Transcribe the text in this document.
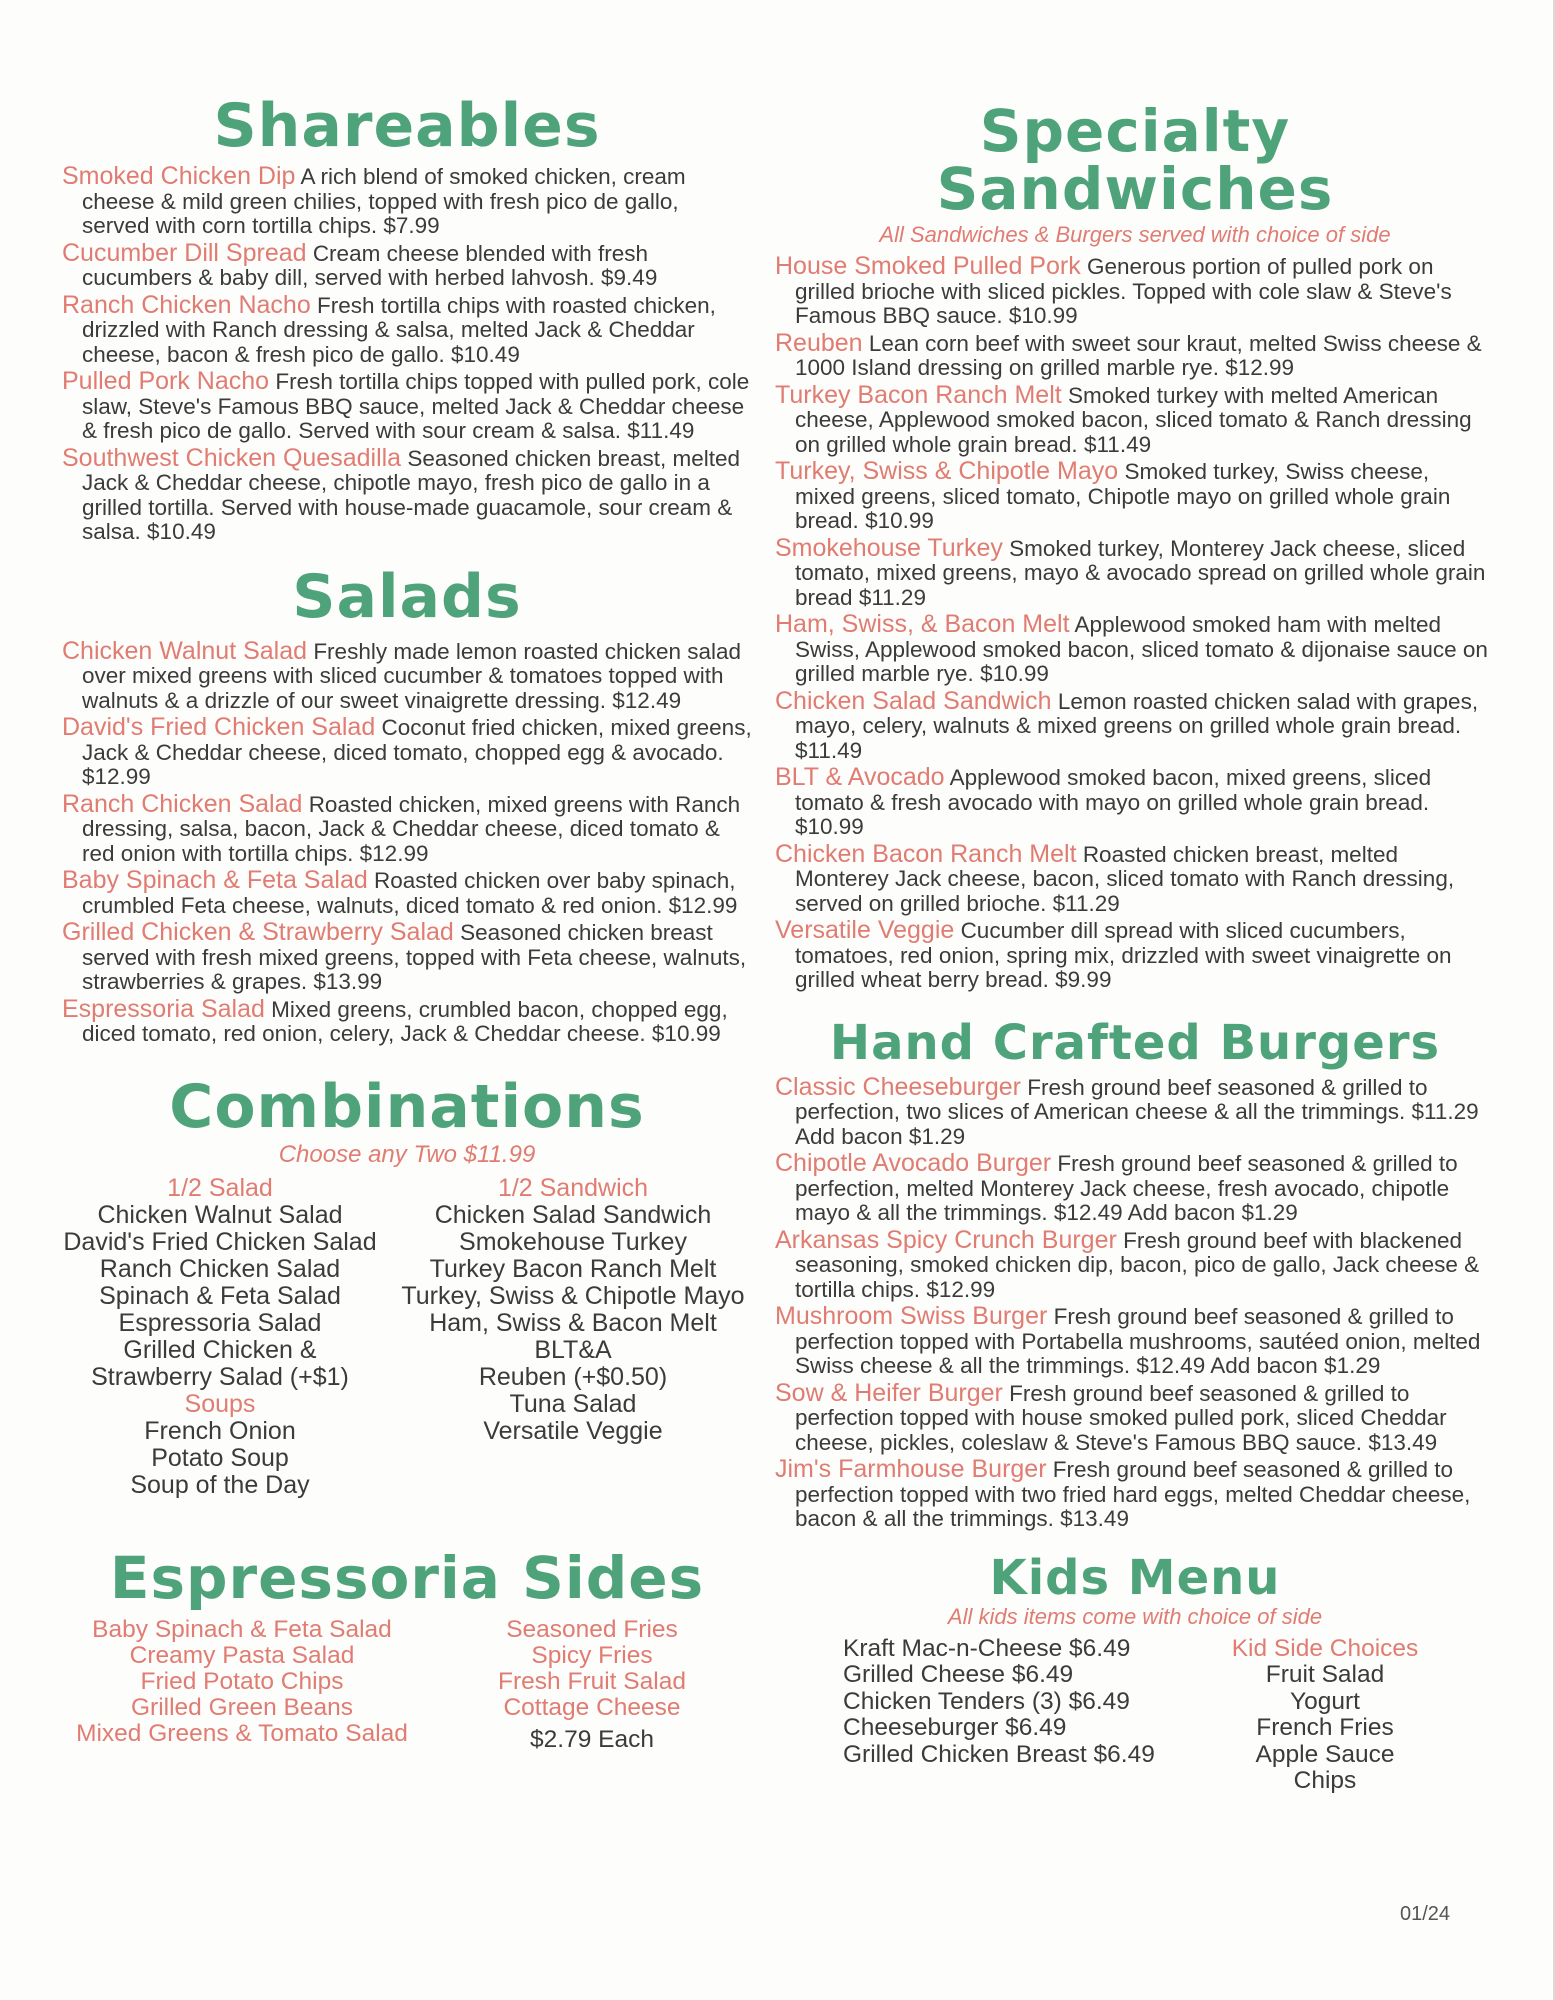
Shareables
Smoked Chicken Dip A rich blend of smoked chicken, cream cheese & mild green chilies, topped with fresh pico de gallo, served with corn tortilla chips. $7.99
Cucumber Dill Spread Cream cheese blended with fresh cucumbers & baby dill, served with herbed lahvosh. $9.49
Ranch Chicken Nacho Fresh tortilla chips with roasted chicken, drizzled with Ranch dressing & salsa, melted Jack & Cheddar cheese, bacon & fresh pico de gallo. $10.49
Pulled Pork Nacho Fresh tortilla chips topped with pulled pork, cole slaw, Steve's Famous BBQ sauce, melted Jack & Cheddar cheese & fresh pico de gallo. Served with sour cream & salsa. $11.49
Southwest Chicken Quesadilla Seasoned chicken breast, melted Jack & Cheddar cheese, chipotle mayo, fresh pico de gallo in a grilled tortilla. Served with house-made guacamole, sour cream & salsa. $10.49
Salads
Chicken Walnut Salad Freshly made lemon roasted chicken salad over mixed greens with sliced cucumber & tomatoes topped with walnuts & a drizzle of our sweet vinaigrette dressing. $12.49
David's Fried Chicken Salad Coconut fried chicken, mixed greens, Jack & Cheddar cheese, diced tomato, chopped egg & avocado. $12.99
Ranch Chicken Salad Roasted chicken, mixed greens with Ranch dressing, salsa, bacon, Jack & Cheddar cheese, diced tomato & red onion with tortilla chips. $12.99
Baby Spinach & Feta Salad Roasted chicken over baby spinach, crumbled Feta cheese, walnuts, diced tomato & red onion. $12.99
Grilled Chicken & Strawberry Salad Seasoned chicken breast served with fresh mixed greens, topped with Feta cheese, walnuts, strawberries & grapes. $13.99
Espressoria Salad Mixed greens, crumbled bacon, chopped egg, diced tomato, red onion, celery, Jack & Cheddar cheese. $10.99
Combinations
Choose any Two $11.99
1/2 Salad
Chicken Walnut Salad
David's Fried Chicken Salad
Ranch Chicken Salad
Spinach & Feta Salad
Espressoria Salad
Grilled Chicken &
Strawberry Salad (+$1)
Soups
French Onion
Potato Soup
Soup of the Day
1/2 Sandwich
Chicken Salad Sandwich
Smokehouse Turkey
Turkey Bacon Ranch Melt
Turkey, Swiss & Chipotle Mayo
Ham, Swiss & Bacon Melt
BLT&A
Reuben (+$0.50)
Tuna Salad
Versatile Veggie
Espressoria Sides
Baby Spinach & Feta Salad
Creamy Pasta Salad
Fried Potato Chips
Grilled Green Beans
Mixed Greens & Tomato Salad
Seasoned Fries
Spicy Fries
Fresh Fruit Salad
Cottage Cheese
$2.79 Each
Specialty Sandwiches
All Sandwiches & Burgers served with choice of side
House Smoked Pulled Pork Generous portion of pulled pork on grilled brioche with sliced pickles. Topped with cole slaw & Steve's Famous BBQ sauce. $10.99
Reuben Lean corn beef with sweet sour kraut, melted Swiss cheese & 1000 Island dressing on grilled marble rye. $12.99
Turkey Bacon Ranch Melt Smoked turkey with melted American cheese, Applewood smoked bacon, sliced tomato & Ranch dressing on grilled whole grain bread. $11.49
Turkey, Swiss & Chipotle Mayo Smoked turkey, Swiss cheese, mixed greens, sliced tomato, Chipotle mayo on grilled whole grain bread. $10.99
Smokehouse Turkey Smoked turkey, Monterey Jack cheese, sliced tomato, mixed greens, mayo & avocado spread on grilled whole grain bread $11.29
Ham, Swiss, & Bacon Melt Applewood smoked ham with melted Swiss, Applewood smoked bacon, sliced tomato & dijonaise sauce on grilled marble rye. $10.99
Chicken Salad Sandwich Lemon roasted chicken salad with grapes, mayo, celery, walnuts & mixed greens on grilled whole grain bread. $11.49
BLT & Avocado Applewood smoked bacon, mixed greens, sliced tomato & fresh avocado with mayo on grilled whole grain bread. $10.99
Chicken Bacon Ranch Melt Roasted chicken breast, melted Monterey Jack cheese, bacon, sliced tomato with Ranch dressing, served on grilled brioche. $11.29
Versatile Veggie Cucumber dill spread with sliced cucumbers, tomatoes, red onion, spring mix, drizzled with sweet vinaigrette on grilled wheat berry bread. $9.99
Hand Crafted Burgers
Classic Cheeseburger Fresh ground beef seasoned & grilled to perfection, two slices of American cheese & all the trimmings. $11.29 Add bacon $1.29
Chipotle Avocado Burger Fresh ground beef seasoned & grilled to perfection, melted Monterey Jack cheese, fresh avocado, chipotle mayo & all the trimmings. $12.49 Add bacon $1.29
Arkansas Spicy Crunch Burger Fresh ground beef with blackened seasoning, smoked chicken dip, bacon, pico de gallo, Jack cheese & tortilla chips. $12.99
Mushroom Swiss Burger Fresh ground beef seasoned & grilled to perfection topped with Portabella mushrooms, sautéed onion, melted Swiss cheese & all the trimmings. $12.49 Add bacon $1.29
Sow & Heifer Burger Fresh ground beef seasoned & grilled to perfection topped with house smoked pulled pork, sliced Cheddar cheese, pickles, coleslaw & Steve's Famous BBQ sauce. $13.49
Jim's Farmhouse Burger Fresh ground beef seasoned & grilled to perfection topped with two fried hard eggs, melted Cheddar cheese, bacon & all the trimmings. $13.49
Kids Menu
All kids items come with choice of side
Kraft Mac-n-Cheese $6.49
Grilled Cheese $6.49
Chicken Tenders (3) $6.49
Cheeseburger $6.49
Grilled Chicken Breast $6.49
Kid Side Choices
Fruit Salad
Yogurt
French Fries
Apple Sauce
Chips
01/24
